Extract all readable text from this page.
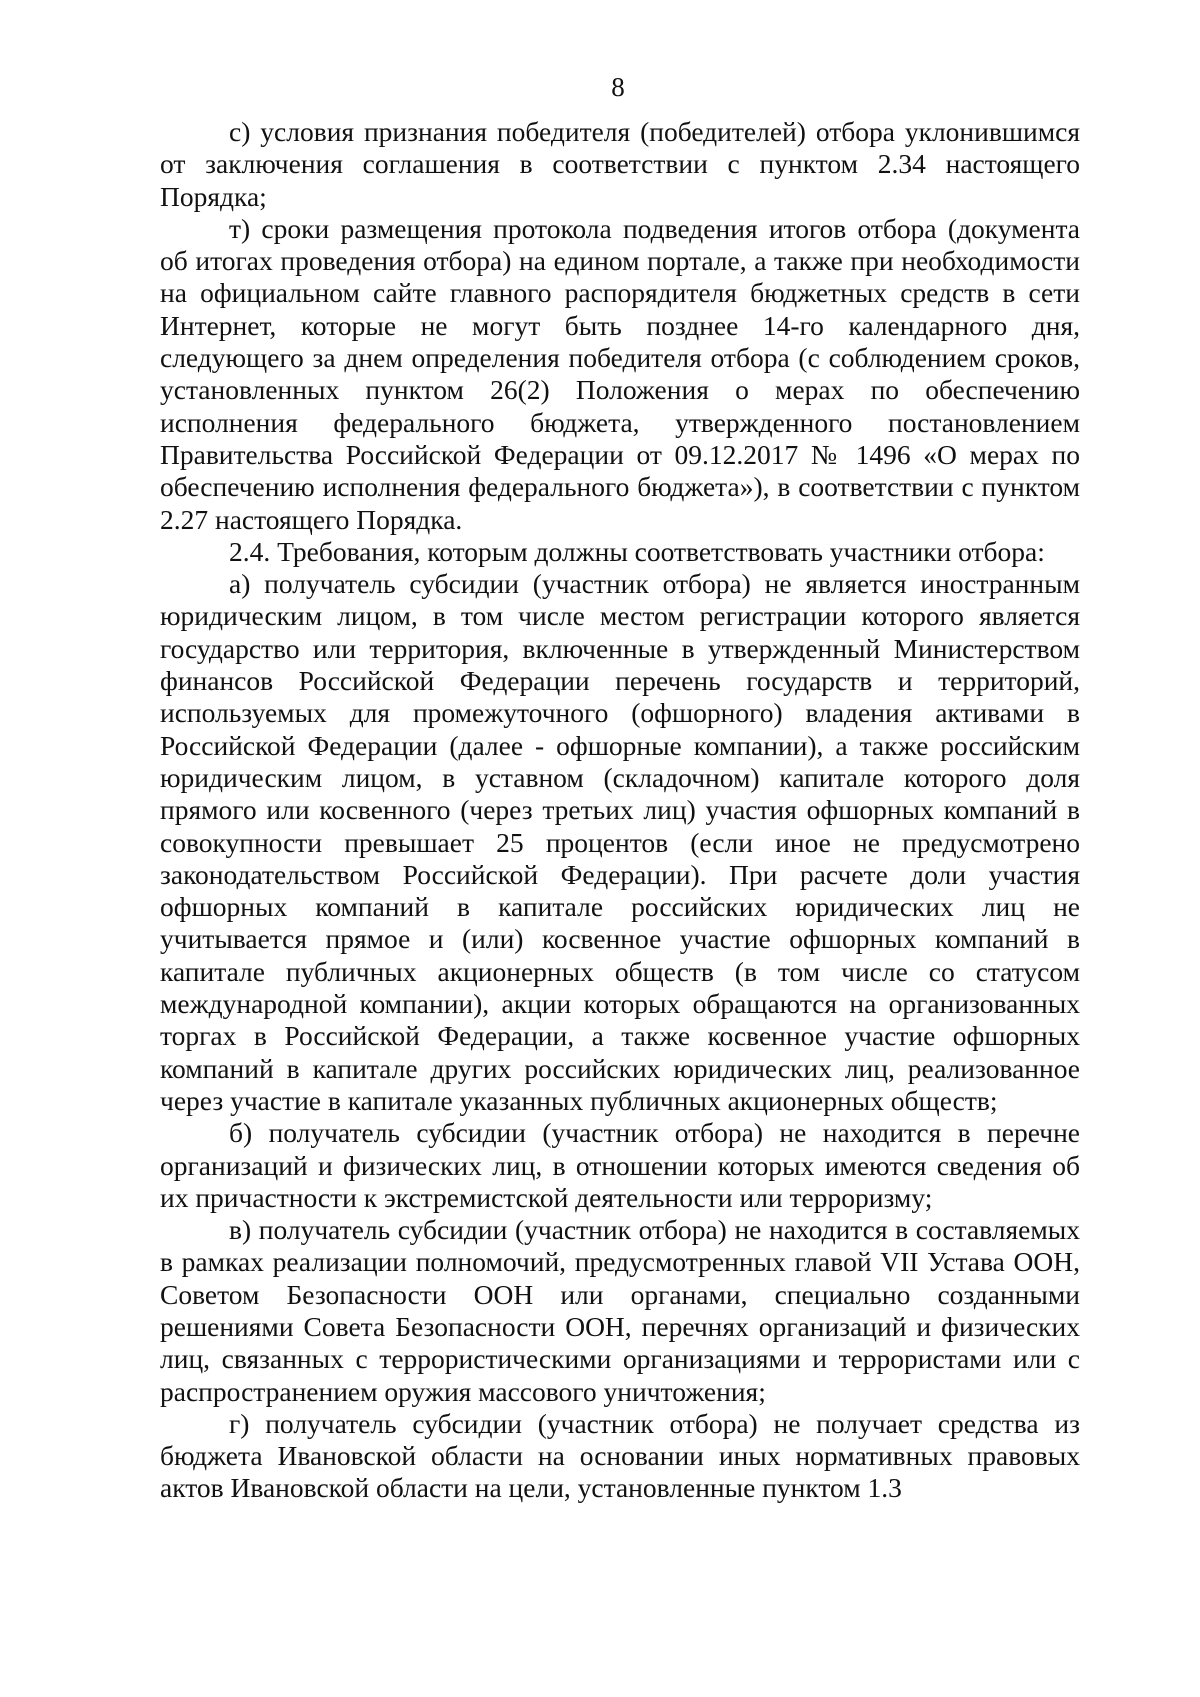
8

с) условия признания победителя (победителей) отбора уклонившимся от заключения соглашения в соответствии с пунктом 2.34 настоящего Порядка;

т) сроки размещения протокола подведения итогов отбора (документа об итогах проведения отбора) на едином портале, а также при необходимости на официальном сайте главного распорядителя бюджетных средств в сети Интернет, которые не могут быть позднее 14-го календарного дня, следующего за днем определения победителя отбора (с соблюдением сроков, установленных пунктом 26(2) Положения о мерах по обеспечению исполнения федерального бюджета, утвержденного постановлением Правительства Российской Федерации от 09.12.2017 № 1496 «О мерах по обеспечению исполнения федерального бюджета»), в соответствии с пунктом 2.27 настоящего Порядка.

2.4. Требования, которым должны соответствовать участники отбора:

а) получатель субсидии (участник отбора) не является иностранным юридическим лицом, в том числе местом регистрации которого является государство или территория, включенные в утвержденный Министерством финансов Российской Федерации перечень государств и территорий, используемых для промежуточного (офшорного) владения активами в Российской Федерации (далее - офшорные компании), а также российским юридическим лицом, в уставном (складочном) капитале которого доля прямого или косвенного (через третьих лиц) участия офшорных компаний в совокупности превышает 25 процентов (если иное не предусмотрено законодательством Российской Федерации). При расчете доли участия офшорных компаний в капитале российских юридических лиц не учитывается прямое и (или) косвенное участие офшорных компаний в капитале публичных акционерных обществ (в том числе со статусом международной компании), акции которых обращаются на организованных торгах в Российской Федерации, а также косвенное участие офшорных компаний в капитале других российских юридических лиц, реализованное через участие в капитале указанных публичных акционерных обществ;

б) получатель субсидии (участник отбора) не находится в перечне организаций и физических лиц, в отношении которых имеются сведения об их причастности к экстремистской деятельности или терроризму;

в) получатель субсидии (участник отбора) не находится в составляемых в рамках реализации полномочий, предусмотренных главой VII Устава ООН, Советом Безопасности ООН или органами, специально созданными решениями Совета Безопасности ООН, перечнях организаций и физических лиц, связанных с террористическими организациями и террористами или с распространением оружия массового уничтожения;

г) получатель субсидии (участник отбора) не получает средства из бюджета Ивановской области на основании иных нормативных правовых актов Ивановской области на цели, установленные пунктом 1.3
